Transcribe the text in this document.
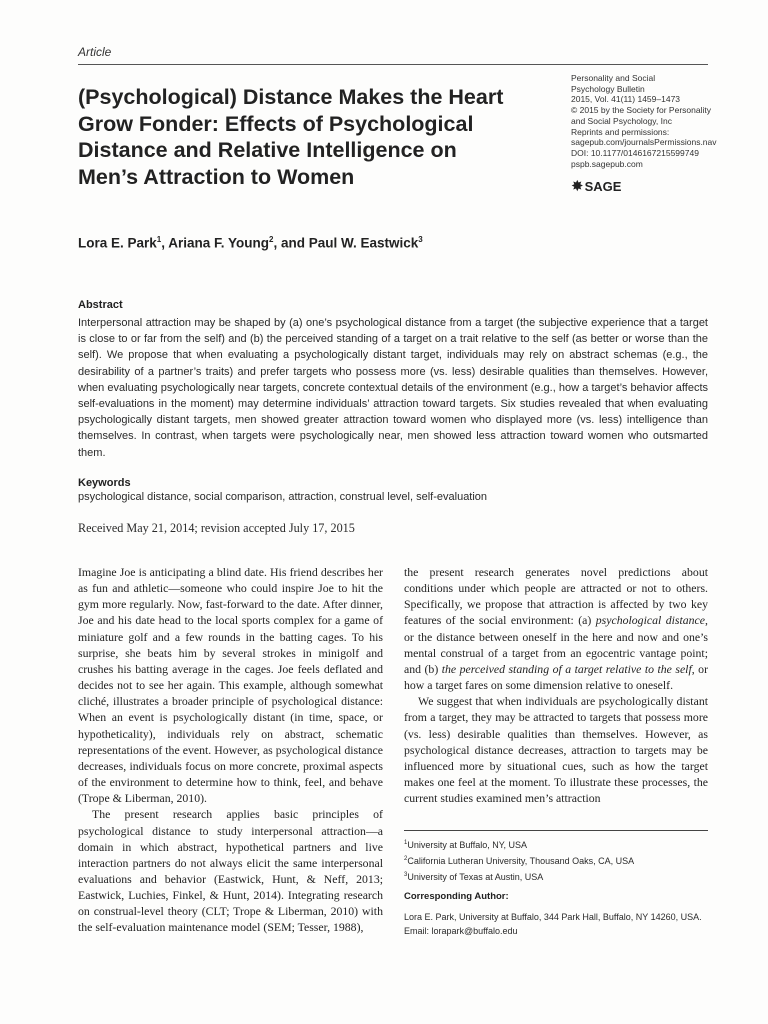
Article
(Psychological) Distance Makes the Heart
Grow Fonder: Effects of Psychological
Distance and Relative Intelligence on
Men’s Attraction to Women
Personality and Social
Psychology Bulletin
2015, Vol. 41(11) 1459–1473
© 2015 by the Society for Personality
and Social Psychology, Inc
Reprints and permissions:
sagepub.com/journalsPermissions.nav
DOI: 10.1177/0146167215599749
pspb.sagepub.com
✸ SAGE
Lora E. Park$^1$, Ariana F. Young$^2$, and Paul W. Eastwick$^3$
Abstract

Interpersonal attraction may be shaped by (a) one’s psychological distance from a target (the subjective experience that a target is close to or far from the self) and (b) the perceived standing of a target on a trait relative to the self (as better or worse than the self). We propose that when evaluating a psychologically distant target, individuals may rely on abstract schemas (e.g., the desirability of a partner’s traits) and prefer targets who possess more (vs. less) desirable qualities than themselves. However, when evaluating psychologically near targets, concrete contextual details of the environment (e.g., how a target’s behavior affects self-evaluations in the moment) may determine individuals’ attraction toward targets. Six studies revealed that when evaluating psychologically distant targets, men showed greater attraction toward women who displayed more (vs. less) intelligence than themselves. In contrast, when targets were psychologically near, men showed less attraction toward women who outsmarted them.

Keywords
psychological distance, social comparison, attraction, construal level, self-evaluation
Received May 21, 2014; revision accepted July 17, 2015

Imagine Joe is anticipating a blind date. His friend describes her as fun and athletic—someone who could inspire Joe to hit the gym more regularly. Now, fast-forward to the date. After dinner, Joe and his date head to the local sports complex for a game of miniature golf and a few rounds in the batting cages. To his surprise, she beats him by several strokes in minigolf and crushes his batting average in the cages. Joe feels deflated and decides not to see her again. This example, although somewhat cliché, illustrates a broader principle of psychological distance: When an event is psychologically distant (in time, space, or hypotheticality), individuals rely on abstract, schematic representations of the event. However, as psychological distance decreases, individuals focus on more concrete, proximal aspects of the environment to determine how to think, feel, and behave (Trope & Liberman, 2010).

The present research applies basic principles of psychological distance to study interpersonal attraction—a domain in which abstract, hypothetical partners and live interaction partners do not always elicit the same interpersonal evaluations and behavior (Eastwick, Hunt, & Neff, 2013; Eastwick, Luchies, Finkel, & Hunt, 2014). Integrating research on construal-level theory (CLT; Trope & Liberman, 2010) with the self-evaluation maintenance model (SEM; Tesser, 1988),

the present research generates novel predictions about conditions under which people are attracted or not to others. Specifically, we propose that attraction is affected by two key features of the social environment: (a) psychological distance, or the distance between oneself in the here and now and one’s mental construal of a target from an egocentric vantage point; and (b) the perceived standing of a target relative to the self, or how a target fares on some dimension relative to oneself.

We suggest that when individuals are psychologically distant from a target, they may be attracted to targets that possess more (vs. less) desirable qualities than themselves. However, as psychological distance decreases, attraction to targets may be influenced more by situational cues, such as how the target makes one feel at the moment. To illustrate these processes, the current studies examined men’s attraction

$^1$University at Buffalo, NY, USA
$^2$California Lutheran University, Thousand Oaks, CA, USA
$^3$University of Texas at Austin, USA
Corresponding Author:
Lora E. Park, University at Buffalo, 344 Park Hall, Buffalo, NY 14260, USA.
Email: lorapark@buffalo.edu
